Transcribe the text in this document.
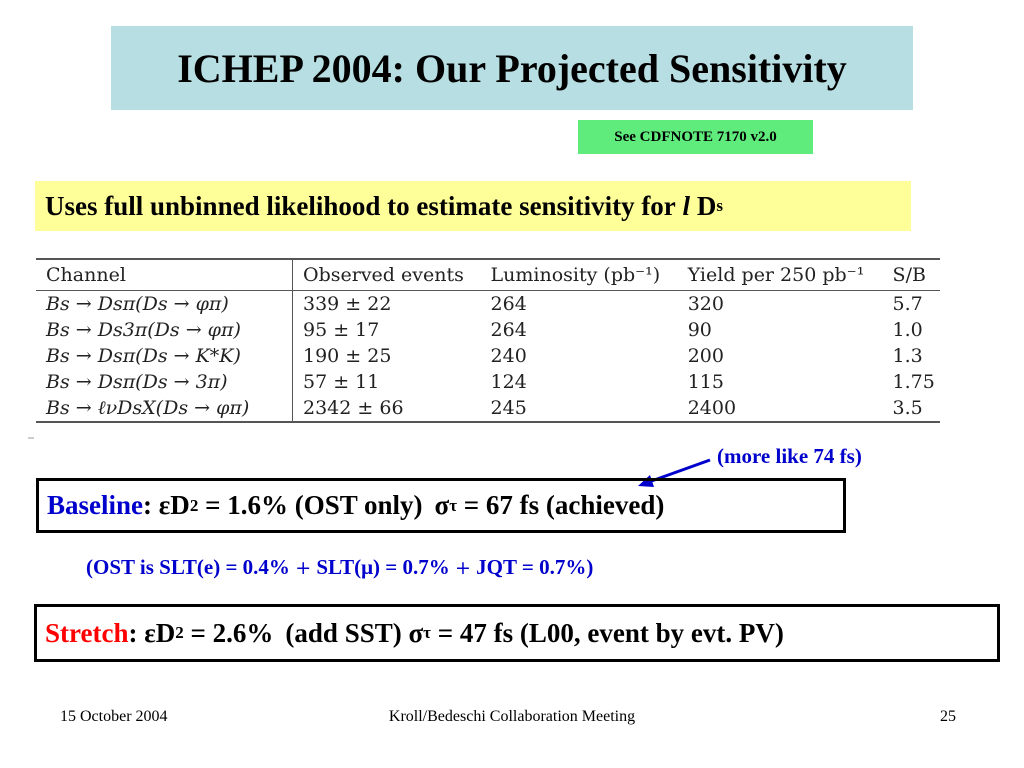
ICHEP 2004: Our Projected Sensitivity
See CDFNOTE 7170 v2.0
Uses full unbinned likelihood to estimate sensitivity for
l
D s
Channel	Observed events	Luminosity (pb⁻¹)	Yield per 250 pb⁻¹	S/B
Bs → Dsπ(Ds → φπ)	339 ± 22	264	320	5.7
Bs → Ds3π(Ds → φπ)	95 ± 17	264	90	1.0
Bs → Dsπ(Ds → K*K)	190 ± 25	240	200	1.3
Bs → Dsπ(Ds → 3π)	57 ± 11	124	115	1.75
Bs → ℓνDsX(Ds → φπ)	2342 ± 66	245	2400	3.5
(more like 74 fs)
Baseline :
εD 2
= 1.6% (OST only) σ τ
= 67 fs (achieved)
(OST is SLT(e) = 0.4% + SLT(μ) = 0.7% + JQT = 0.7%)
Stretch :
εD 2
= 2.6% (add SST)
σ τ
= 47 fs (L00, event by evt. PV)
15 October 2004	Kroll/Bedeschi Collaboration Meeting	25
